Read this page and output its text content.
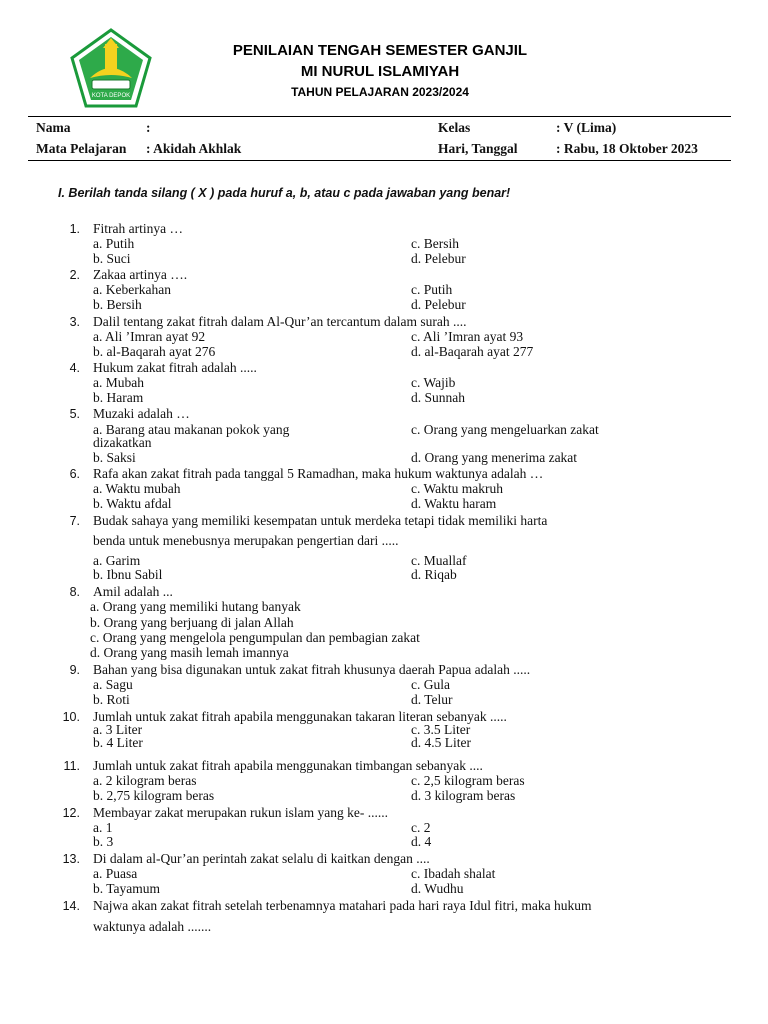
KOTA DEPOK
PENILAIAN TENGAH SEMESTER GANJIL
MI NURUL ISLAMIYAH
TAHUN PELAJARAN 2023/2024
Nama	:	Kelas	: V (Lima)
Mata Pelajaran : Akidah Akhlak	Hari, Tanggal	: Rabu, 18 Oktober 2023
I. Berilah tanda silang ( X ) pada huruf a, b, atau c pada jawaban yang benar!
1. Fitrah artinya …
a. Putih	c. Bersih
b. Suci	d. Pelebur
2. Zakaa artinya ….
a. Keberkahan	c. Putih
b. Bersih	d. Pelebur
3. Dalil tentang zakat fitrah dalam Al-Qur’an tercantum dalam surah ....
a. Ali ’Imran ayat 92	c. Ali ’Imran ayat 93
b. al-Baqarah ayat 276	d. al-Baqarah ayat 277
4. Hukum zakat fitrah adalah .....
a. Mubah	c. Wajib
b. Haram	d. Sunnah
5. Muzaki adalah …
a. Barang atau makanan pokok yang	c. Orang yang mengeluarkan zakat
dizakatkan
b. Saksi	d. Orang yang menerima zakat
6. Rafa akan zakat fitrah pada tanggal 5 Ramadhan, maka hukum waktunya adalah …
a. Waktu mubah	c. Waktu makruh
b. Waktu afdal	d. Waktu haram
7. Budak sahaya yang memiliki kesempatan untuk merdeka tetapi tidak memiliki harta
benda untuk menebusnya merupakan pengertian dari .....
a. Garim	c. Muallaf
b. Ibnu Sabil	d. Riqab
8. Amil adalah ...
a. Orang yang memiliki hutang banyak
b. Orang yang berjuang di jalan Allah
c. Orang yang mengelola pengumpulan dan pembagian zakat
d. Orang yang masih lemah imannya
9. Bahan yang bisa digunakan untuk zakat fitrah khusunya daerah Papua adalah .....
a. Sagu	c. Gula
b. Roti	d. Telur
10. Jumlah untuk zakat fitrah apabila menggunakan takaran literan sebanyak .....
a. 3 Liter	c. 3.5 Liter
b. 4 Liter	d. 4.5 Liter
11. Jumlah untuk zakat fitrah apabila menggunakan timbangan sebanyak ....
a. 2 kilogram beras	c. 2,5 kilogram beras
b. 2,75 kilogram beras	d. 3 kilogram beras
12. Membayar zakat merupakan rukun islam yang ke- ......
a. 1	c. 2
b. 3	d. 4
13. Di dalam al-Qur’an perintah zakat selalu di kaitkan dengan ....
a. Puasa	c. Ibadah shalat
b. Tayamum	d. Wudhu
14. Najwa akan zakat fitrah setelah terbenamnya matahari pada hari raya Idul fitri, maka hukum
waktunya adalah .......
